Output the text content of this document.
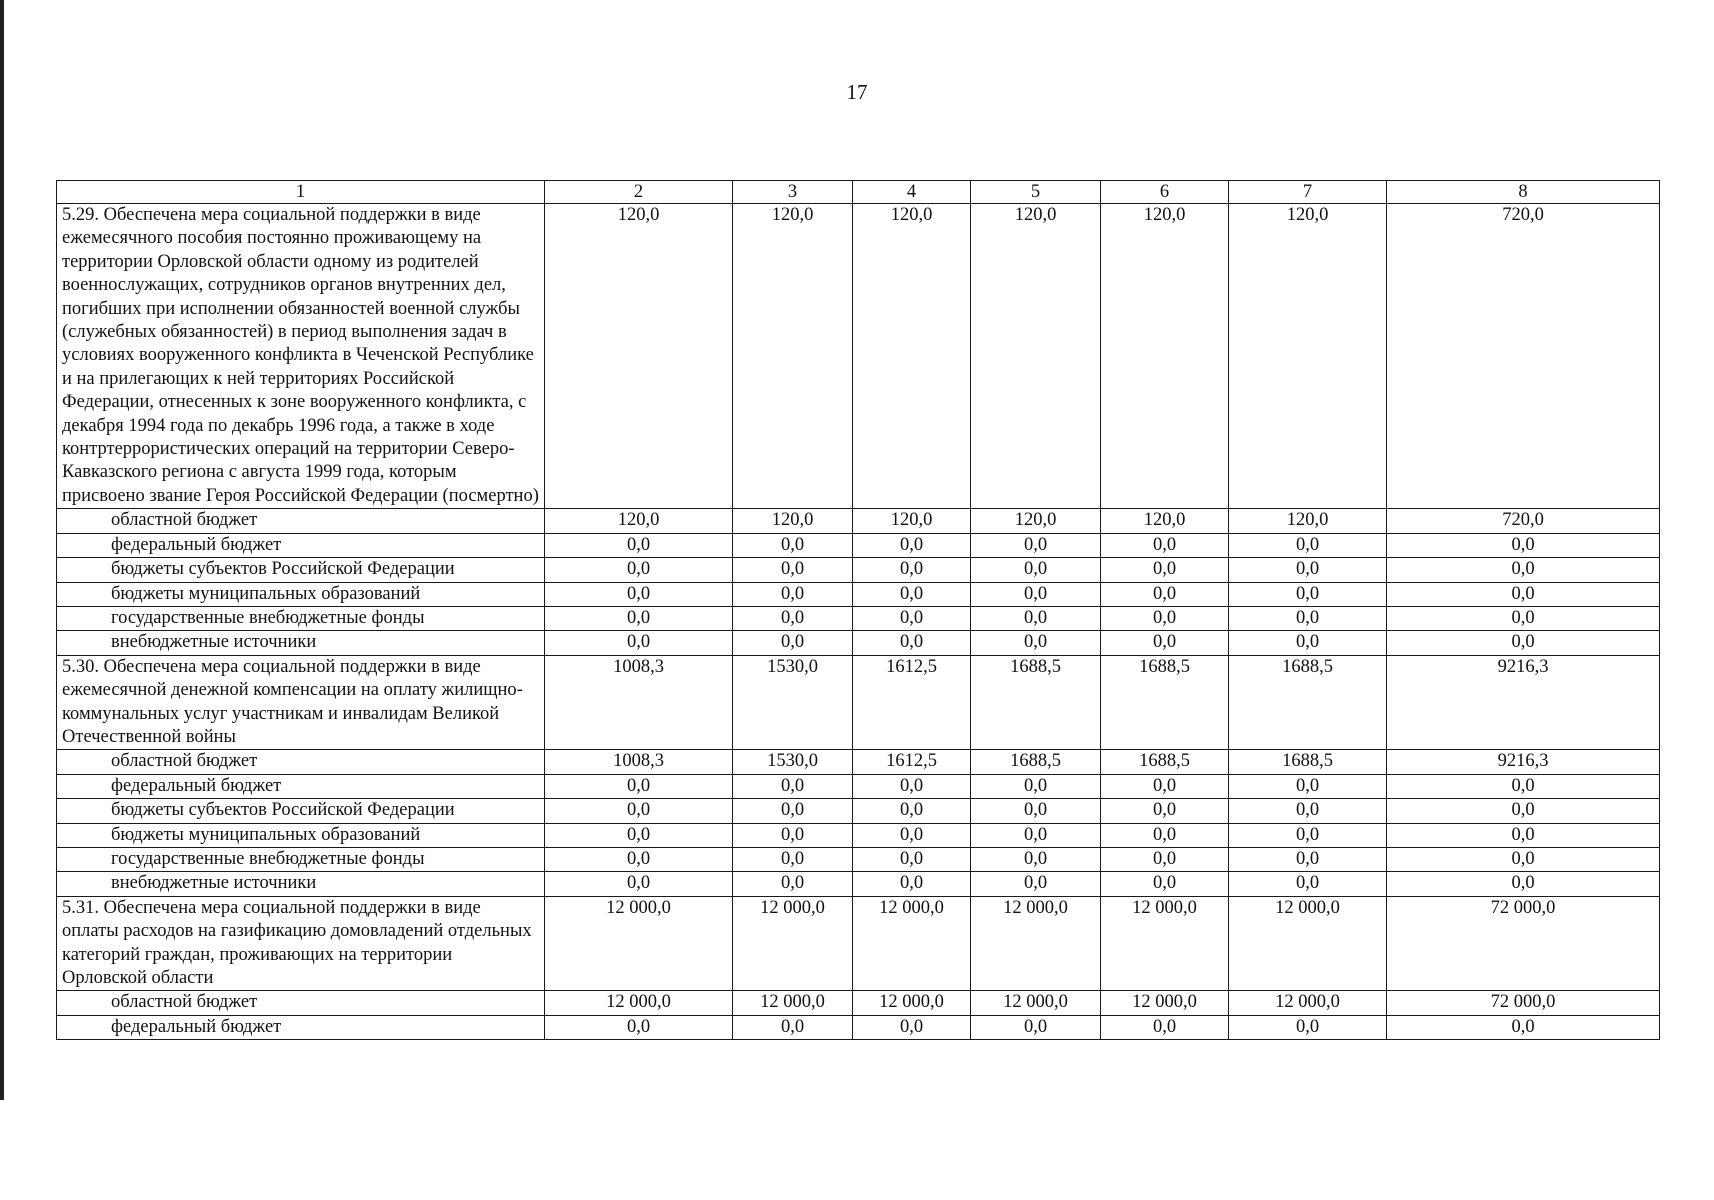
17
1	2	3	4	5	6	7	8
5.29. Обеспечена мера социальной поддержки в виде ежемесячного пособия постоянно проживающему на территории Орловской области одному из родителей военнослужащих, сотрудников органов внутренних дел, погибших при исполнении обязанностей военной службы (служебных обязанностей) в период выполнения задач в условиях вооруженного конфликта в Чеченской Республике и на прилегающих к ней территориях Российской Федерации, отнесенных к зоне вооруженного конфликта, с декабря 1994 года по декабрь 1996 года, а также в ходе контртеррористических операций на территории Северо-Кавказского региона с августа 1999 года, которым присвоено звание Героя Российской Федерации (посмертно)	120,0	120,0	120,0	120,0	120,0	120,0	720,0
областной бюджет	120,0	120,0	120,0	120,0	120,0	120,0	720,0
федеральный бюджет	0,0	0,0	0,0	0,0	0,0	0,0	0,0
бюджеты субъектов Российской Федерации	0,0	0,0	0,0	0,0	0,0	0,0	0,0
бюджеты муниципальных образований	0,0	0,0	0,0	0,0	0,0	0,0	0,0
государственные внебюджетные фонды	0,0	0,0	0,0	0,0	0,0	0,0	0,0
внебюджетные источники	0,0	0,0	0,0	0,0	0,0	0,0	0,0
5.30. Обеспечена мера социальной поддержки в виде ежемесячной денежной компенсации на оплату жилищно-коммунальных услуг участникам и инвалидам Великой Отечественной войны	1008,3	1530,0	1612,5	1688,5	1688,5	1688,5	9216,3
областной бюджет	1008,3	1530,0	1612,5	1688,5	1688,5	1688,5	9216,3
федеральный бюджет	0,0	0,0	0,0	0,0	0,0	0,0	0,0
бюджеты субъектов Российской Федерации	0,0	0,0	0,0	0,0	0,0	0,0	0,0
бюджеты муниципальных образований	0,0	0,0	0,0	0,0	0,0	0,0	0,0
государственные внебюджетные фонды	0,0	0,0	0,0	0,0	0,0	0,0	0,0
внебюджетные источники	0,0	0,0	0,0	0,0	0,0	0,0	0,0
5.31. Обеспечена мера социальной поддержки в виде оплаты расходов на газификацию домовладений отдельных категорий граждан, проживающих на территории Орловской области	12 000,0	12 000,0	12 000,0	12 000,0	12 000,0	12 000,0	72 000,0
областной бюджет	12 000,0	12 000,0	12 000,0	12 000,0	12 000,0	12 000,0	72 000,0
федеральный бюджет	0,0	0,0	0,0	0,0	0,0	0,0	0,0
